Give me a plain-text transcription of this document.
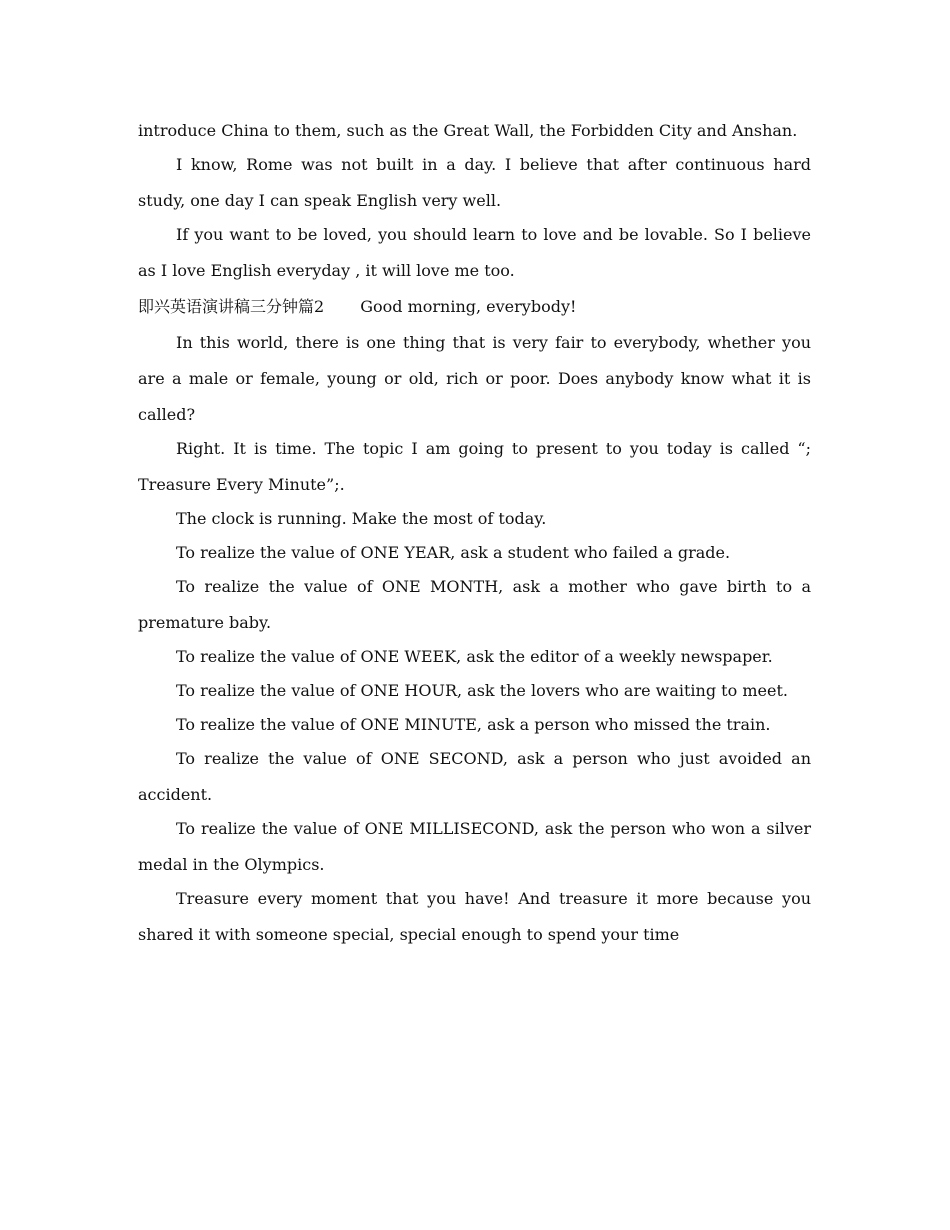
introduce China to them, such as the Great Wall, the Forbidden City and Anshan.

I know, Rome was not built in a day. I believe that after continuous hard study, one day I can speak English very well.

If you want to be loved, you should learn to love and be lovable. So I believe as I love English everyday , it will love me too.

即兴英语演讲稿三分钟篇2 Good morning, everybody!

In this world, there is one thing that is very fair to everybody, whether you are a male or female, young or old, rich or poor. Does anybody know what it is called?

Right. It is time. The topic I am going to present to you today is called “; Treasure Every Minute”;.

The clock is running. Make the most of today.

To realize the value of ONE YEAR, ask a student who failed a grade.

To realize the value of ONE MONTH, ask a mother who gave birth to a premature baby.

To realize the value of ONE WEEK, ask the editor of a weekly newspaper.

To realize the value of ONE HOUR, ask the lovers who are waiting to meet.

To realize the value of ONE MINUTE, ask a person who missed the train.

To realize the value of ONE SECOND, ask a person who just avoided an accident.

To realize the value of ONE MILLISECOND, ask the person who won a silver medal in the Olympics.

Treasure every moment that you have! And treasure it more because you shared it with someone special, special enough to spend your time
